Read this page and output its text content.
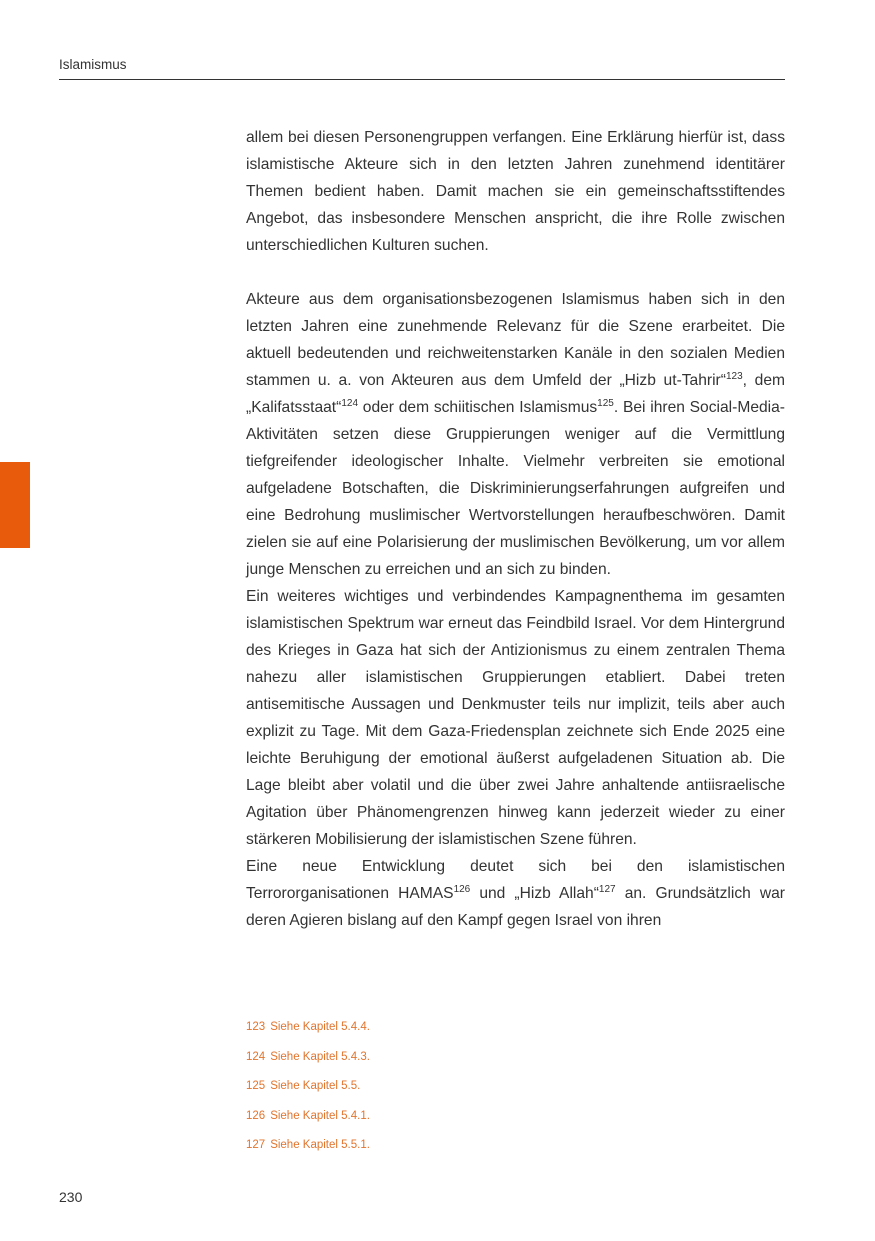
Islamismus

allem bei diesen Personengruppen verfangen. Eine Erklärung hierfür ist, dass islamistische Akteure sich in den letzten Jahren zunehmend identitärer Themen bedient haben. Damit machen sie ein gemeinschaftsstiftendes Angebot, das insbesondere Menschen anspricht, die ihre Rolle zwischen unterschiedlichen Kulturen suchen.

Akteure aus dem organisationsbezogenen Islamismus haben sich in den letzten Jahren eine zunehmende Relevanz für die Szene erarbeitet. Die aktuell bedeutenden und reichweitenstarken Kanäle in den sozialen Medien stammen u. a. von Akteuren aus dem Umfeld der „Hizb ut-Tahrir“$^{123}$, dem „Kalifatsstaat“$^{124}$ oder dem schiitischen Islamismus$^{125}$. Bei ihren Social-Media-Aktivitäten setzen diese Gruppierungen weniger auf die Vermittlung tiefgreifender ideologischer Inhalte. Vielmehr verbreiten sie emotional aufgeladene Botschaften, die Diskriminierungserfahrungen aufgreifen und eine Bedrohung muslimischer Wertvorstellungen heraufbeschwören. Damit zielen sie auf eine Polarisierung der muslimischen Bevölkerung, um vor allem junge Menschen zu erreichen und an sich zu binden.

Ein weiteres wichtiges und verbindendes Kampagnenthema im gesamten islamistischen Spektrum war erneut das Feindbild Israel. Vor dem Hintergrund des Krieges in Gaza hat sich der Antizionismus zu einem zentralen Thema nahezu aller islamistischen Gruppierungen etabliert. Dabei treten antisemitische Aussagen und Denkmuster teils nur implizit, teils aber auch explizit zu Tage. Mit dem Gaza-Friedensplan zeichnete sich Ende 2025 eine leichte Beruhigung der emotional äußerst aufgeladenen Situation ab. Die Lage bleibt aber volatil und die über zwei Jahre anhaltende antiisraelische Agitation über Phänomengrenzen hinweg kann jederzeit wieder zu einer stärkeren Mobilisierung der islamistischen Szene führen.

Eine neue Entwicklung deutet sich bei den islamistischen Terrororganisationen HAMAS$^{126}$ und „Hizb Allah“$^{127}$ an. Grundsätzlich war deren Agieren bislang auf den Kampf gegen Israel von ihren

123 Siehe Kapitel 5.4.4.
124 Siehe Kapitel 5.4.3.
125 Siehe Kapitel 5.5.
126 Siehe Kapitel 5.4.1.
127 Siehe Kapitel 5.5.1.
230
